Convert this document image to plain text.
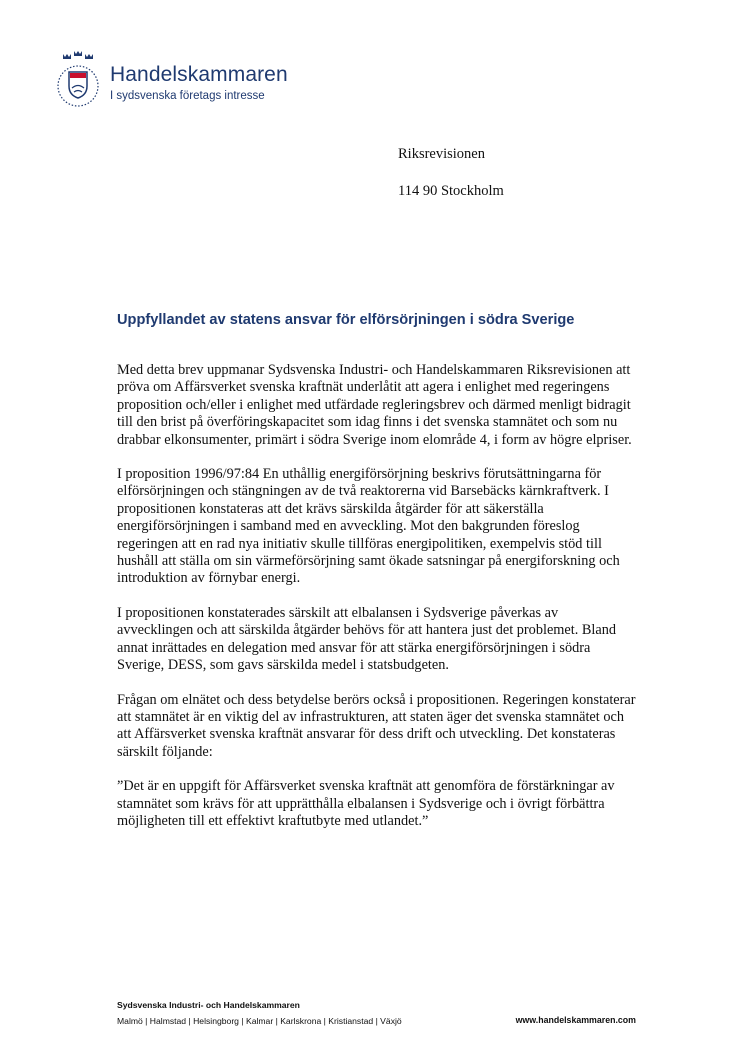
Handelskammaren
I sydsvenska företags intresse
Riksrevisionen
114 90 Stockholm
Uppfyllandet av statens ansvar för elförsörjningen i södra Sverige

Med detta brev uppmanar Sydsvenska Industri- och Handelskammaren Riksrevisionen att pröva om Affärsverket svenska kraftnät underlåtit att agera i enlighet med regeringens proposition och/eller i enlighet med utfärdade regleringsbrev och därmed menligt bidragit till den brist på överföringskapacitet som idag finns i det svenska stamnätet och som nu drabbar elkonsumenter, primärt i södra Sverige inom elområde 4, i form av högre elpriser.

I proposition 1996/97:84 En uthållig energiförsörjning beskrivs förutsättningarna för elförsörjningen och stängningen av de två reaktorerna vid Barsebäcks kärnkraftverk. I propositionen konstateras att det krävs särskilda åtgärder för att säkerställa energiförsörjningen i samband med en avveckling. Mot den bakgrunden föreslog regeringen att en rad nya initiativ skulle tillföras energipolitiken, exempelvis stöd till hushåll att ställa om sin värmeförsörjning samt ökade satsningar på energiforskning och introduktion av förnybar energi.

I propositionen konstaterades särskilt att elbalansen i Sydsverige påverkas av avvecklingen och att särskilda åtgärder behövs för att hantera just det problemet. Bland annat inrättades en delegation med ansvar för att stärka energiförsörjningen i södra Sverige, DESS, som gavs särskilda medel i statsbudgeten.

Frågan om elnätet och dess betydelse berörs också i propositionen. Regeringen konstaterar att stamnätet är en viktig del av infrastrukturen, att staten äger det svenska stamnätet och att Affärsverket svenska kraftnät ansvarar för dess drift och utveckling. Det konstateras särskilt följande:

”Det är en uppgift för Affärsverket svenska kraftnät att genomföra de förstärkningar av stamnätet som krävs för att upprätthålla elbalansen i Sydsverige och i övrigt förbättra möjligheten till ett effektivt kraftutbyte med utlandet.”

Sydsvenska Industri- och Handelskammaren
Malmö | Halmstad | Helsingborg | Kalmar | Karlskrona | Kristianstad | Växjö	www.handelskammaren.com
